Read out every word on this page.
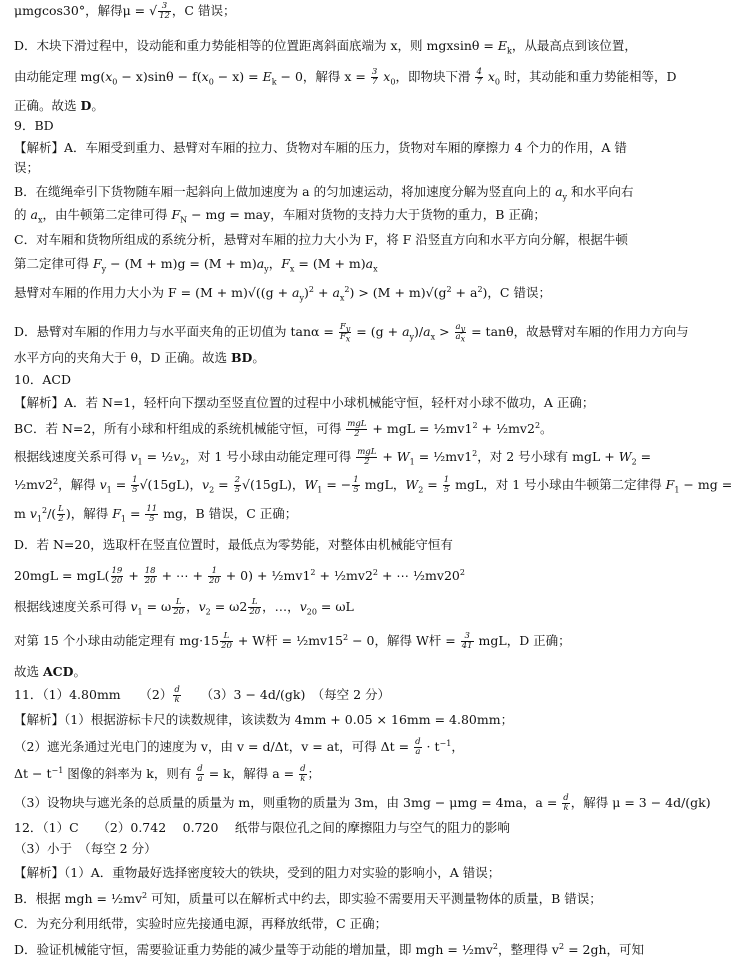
μmgcos30°，解得μ = √ $\frac{3}{12}$ ，C 错误；
D．木块下滑过程中，设动能和重力势能相等的位置距离斜面底端为 x，则 $mgxsin\theta = E_k$，从最高点到该位置，
由动能定理 $mg(x_0 - x)\sin\theta - f(x_0 - x) = E_k - 0$，解得 $x = \frac{3}{7} x_0$，即物块下滑 $\frac{4}{7} x_0$ 时，其动能和重力势能相等，D
正确。故选 D。
9．BD
【解析】A．车厢受到重力、悬臂对车厢的拉力、货物对车厢的压力，货物对车厢的摩擦力 4 个力的作用，A 错
误；
B．在缆绳牵引下货物随车厢一起斜向上做加速度为 a 的匀加速运动，将加速度分解为竖直向上的 $a_y$ 和水平向右
的 $a_x$，由牛顿第二定律可得 $F_N$ − mg = may，车厢对货物的支持力大于货物的重力，B 正确；
C．对车厢和货物所组成的系统分析，悬臂对车厢的拉力大小为 F，将 F 沿竖直方向和水平方向分解，根据牛顿
第二定律可得 $F_y - (M + m)g = (M + m)a_y$，$F_x = (M + m)a_x$
悬臂对车厢的作用力大小为 $F = (M + m)√((g + a_y)^2 + a_x^2) > (M + m)√(g^2 + a^2)$，C 错误；
D．悬臂对车厢的作用力与水平面夹角的正切值为 $\tan\alpha = \frac{F_y}{F_x} = (g + a_y)/a_x > \frac{a_y}{a_x} = \tan\theta$，故悬臂对车厢的作用力方向与
水平方向的夹角大于 θ，D 正确。故选 BD。
10．ACD
【解析】A．若 N=1，轻杆向下摆动至竖直位置的过程中小球机械能守恒，轻杆对小球不做功，A 正确；
BC．若 N=2，所有小球和杆组成的系统机械能守恒，可得 $\frac{\text{mgL}}{2}$ + mgL = $\frac{1}{2}mv1^2$ + $\frac{1}{2}mv2^2$。
根据线速度关系可得 $v_1$ = $\frac{1}{2}v_2$，对 1 号小球由动能定理可得 $\frac{\text{mgL}}{2} + W_1$ = $\frac{1}{2}mv1^2$，对 2 号小球有 mgL + $W_2$ =
$\frac{1}{2}mv2^2$，解得 $v_1 = \frac{1}{5} √(15gL)$，$v_2 = \frac{2}{5} √(15gL)$，$W_1$ = − $\frac{1}{5}$ mgL，$W_2 = \frac{1}{5}$ mgL，对 1 号小球由牛顿第二定律得 $F_1$ − mg =
m $v_1^2/( \frac{L}{2}$ )，解得 $F_1 = \frac{11}{5}$ mg，B 错误，C 正确；
D．若 N=20，选取杆在竖直位置时，最低点为零势能，对整体由机械能守恒有
$20mgL = mgL( \frac{19}{20} + \frac{18}{20}$ + ⋯ + $\frac{1}{20} + 0$) + $\frac{1}{2}mv1^2$ + $\frac{1}{2}mv2^2$ + ⋯ $\frac{1}{2}mv20^2$
根据线速度关系可得 $v_1 = \omega \frac{L}{20}$ ，$v_2 = \omega 2 \frac{L}{20}$ ，…，$v_{20} = \omega L$
对第 15 个小球由动能定理有 $mg\cdot 15 \frac{L}{20} + W$杆 = $\frac{1}{2}mv15^2 - 0$，解得 W杆 = $\frac{3}{41}$ mgL，D 正确；
故选 ACD。
11．（1）4.80mm　　$(2) \frac{d}{k}$ 　　（3）3 − 4d/(gk)　（每空 2 分）
【解析】（1）根据游标卡尺的读数规律，该读数为 4mm + 0.05 × 16mm = 4.80mm；
（2）遮光条通过光电门的速度为 v，由 v = d/Δt，v = at，可得 $\Delta t = \frac{d}{a} \cdot t^{-1}$，
$\Delta t - t^{-1}$ 图像的斜率为 k，则有 $\frac{d}{a} = k$，解得 $a = \frac{d}{k}$ ；
（3）设物块与遮光条的总质量的质量为 m，则重物的质量为 3m，由 3mg − μmg = 4ma，$a = \frac{d}{k}$ ，解得 μ = 3 − 4d/(gk)
12．（1）C　　（2）0.742　 0.720　 纸带与限位孔之间的摩擦阻力与空气的阻力的影响
（3）小于　（每空 2 分）
【解析】（1）A．重物最好选择密度较大的铁块，受到的阻力对实验的影响小，A 错误；
B．根据 mgh = $\frac{1}{2}mv^2$ 可知，质量可以在解析式中约去，即实验不需要用天平测量物体的质量，B 错误；
C．为充分利用纸带，实验时应先接通电源，再释放纸带，C 正确；
D．验证机械能守恒，需要验证重力势能的减少量等于动能的增加量，即 mgh = $\frac{1}{2}mv^2$，整理得 $v^2 = 2gh$，可知
